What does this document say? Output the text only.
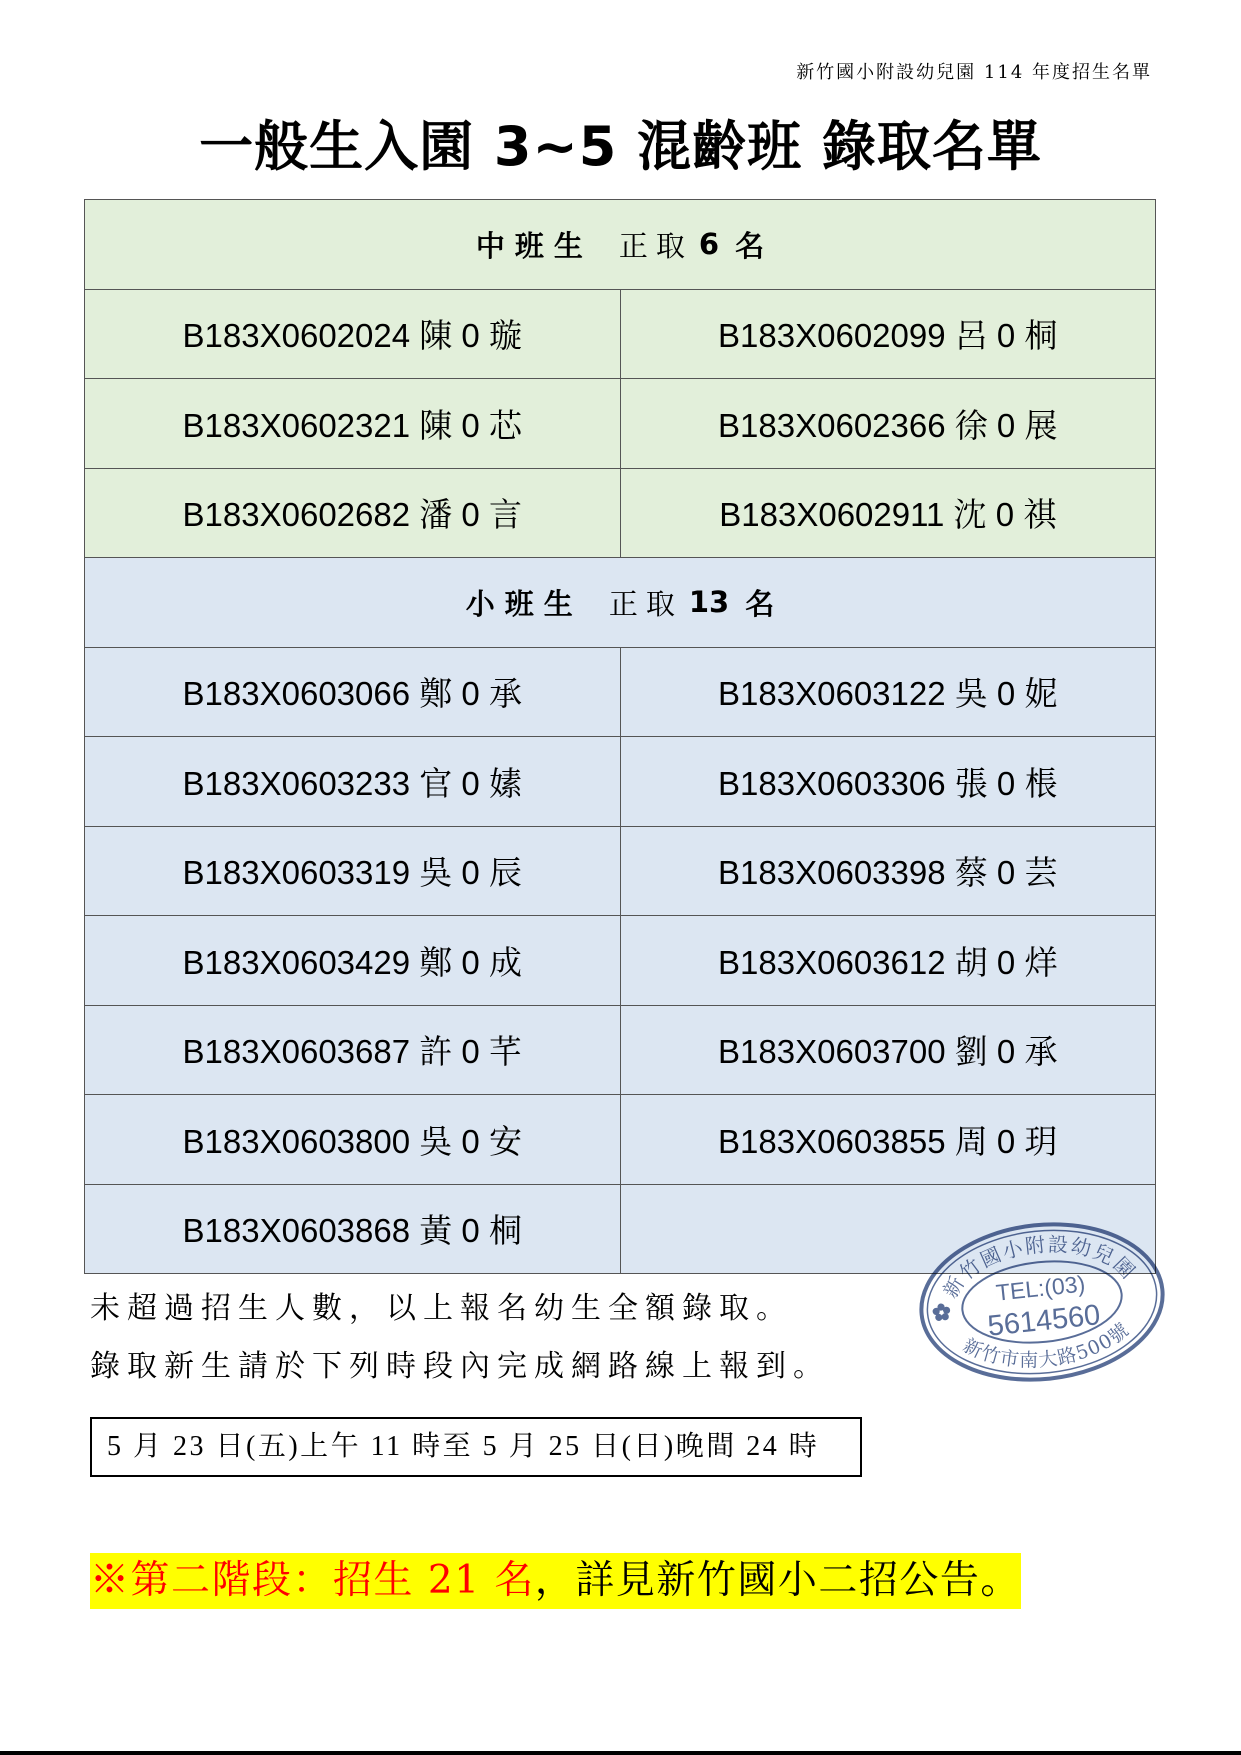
新竹國小附設幼兒園 114 年度招生名單
一般生入園 3~5 混齡班 錄取名單
中班生 正取 6 名
B183X0602024 陳 0 璇	B183X0602099 呂 0 桐
B183X0602321 陳 0 芯	B183X0602366 徐 0 展
B183X0602682 潘 0 言	B183X0602911 沈 0 祺
小班生 正取 13 名
B183X0603066 鄭 0 承	B183X0603122 吳 0 妮
B183X0603233 官 0 嫊	B183X0603306 張 0 棖
B183X0603319 吳 0 辰	B183X0603398 蔡 0 芸
B183X0603429 鄭 0 成	B183X0603612 胡 0 烊
B183X0603687 許 0 芊	B183X0603700 劉 0 承
B183X0603800 吳 0 安	B183X0603855 周 0 玥
B183X0603868 黃 0 桐
未超過招生人數，以上報名幼生全額錄取。
錄取新生請於下列時段內完成網路線上報到。
5 月 23 日(五)上午 11 時至 5 月 25 日(日)晚間 24 時
※第二階段：招生 21 名，詳見新竹國小二招公告。
新竹國小附設幼兒園
新竹市南大路500號
TEL:(03)
5614560
